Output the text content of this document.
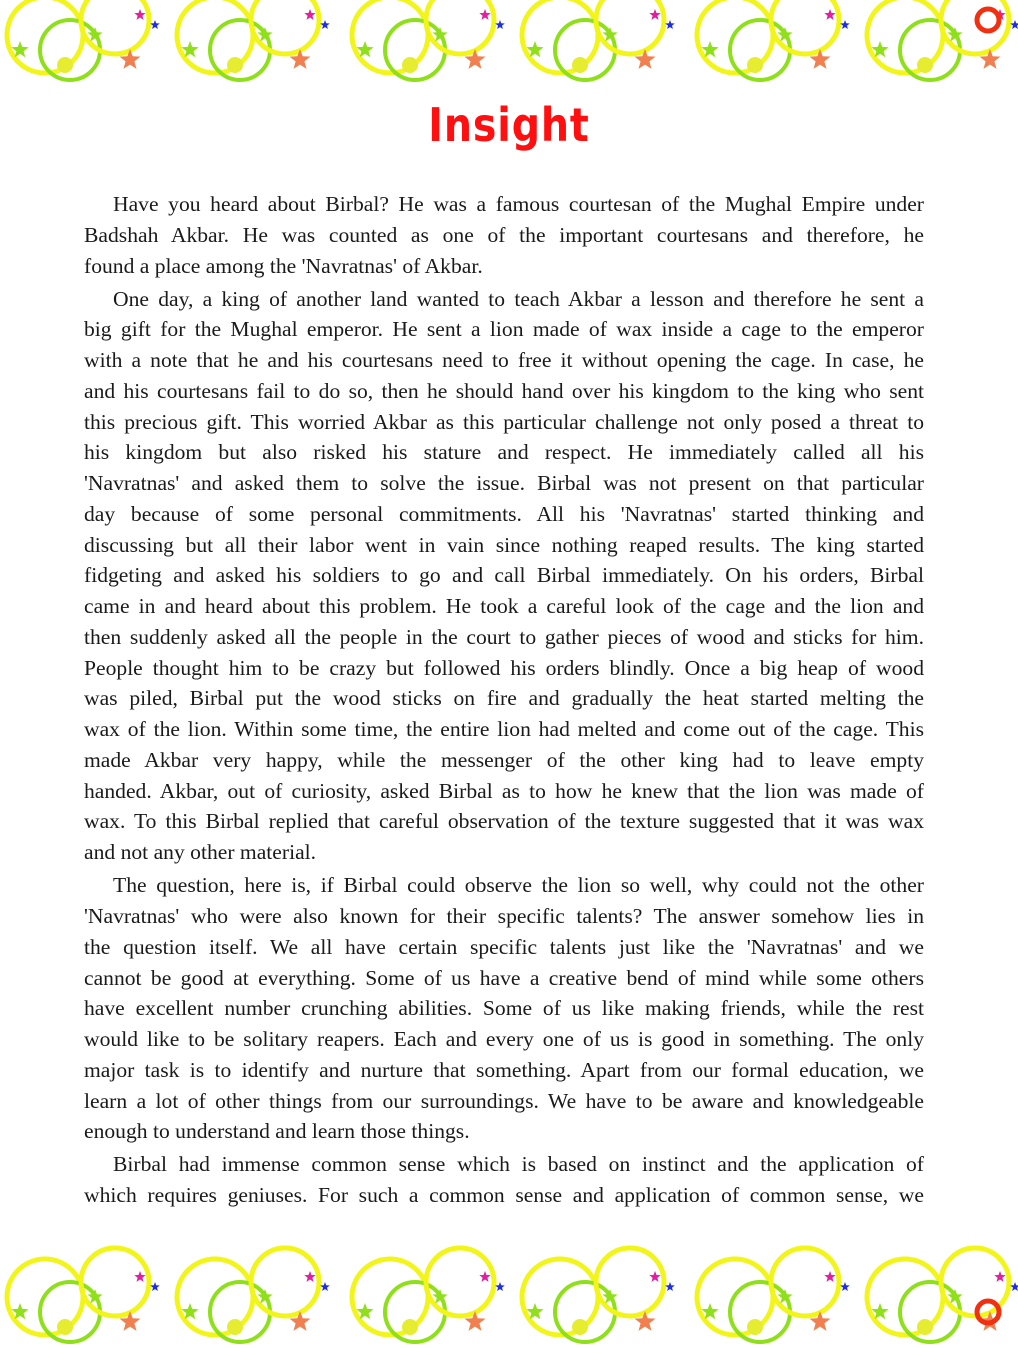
Insight
Have you heard about Birbal? He was a famous courtesan of the Mughal Empire under
Badshah Akbar. He was counted as one of the important courtesans and therefore, he
found a place among the 'Navratnas' of Akbar.
One day, a king of another land wanted to teach Akbar a lesson and therefore he sent a
big gift for the Mughal emperor. He sent a lion made of wax inside a cage to the emperor
with a note that he and his courtesans need to free it without opening the cage. In case, he
and his courtesans fail to do so, then he should hand over his kingdom to the king who sent
this precious gift. This worried Akbar as this particular challenge not only posed a threat to
his kingdom but also risked his stature and respect. He immediately called all his
'Navratnas' and asked them to solve the issue. Birbal was not present on that particular
day because of some personal commitments. All his 'Navratnas' started thinking and
discussing but all their labor went in vain since nothing reaped results. The king started
fidgeting and asked his soldiers to go and call Birbal immediately. On his orders, Birbal
came in and heard about this problem. He took a careful look of the cage and the lion and
then suddenly asked all the people in the court to gather pieces of wood and sticks for him.
People thought him to be crazy but followed his orders blindly. Once a big heap of wood
was piled, Birbal put the wood sticks on fire and gradually the heat started melting the
wax of the lion. Within some time, the entire lion had melted and come out of the cage. This
made Akbar very happy, while the messenger of the other king had to leave empty
handed. Akbar, out of curiosity, asked Birbal as to how he knew that the lion was made of
wax. To this Birbal replied that careful observation of the texture suggested that it was wax
and not any other material.
The question, here is, if Birbal could observe the lion so well, why could not the other
'Navratnas' who were also known for their specific talents? The answer somehow lies in
the question itself. We all have certain specific talents just like the 'Navratnas' and we
cannot be good at everything. Some of us have a creative bend of mind while some others
have excellent number crunching abilities. Some of us like making friends, while the rest
would like to be solitary reapers. Each and every one of us is good in something. The only
major task is to identify and nurture that something. Apart from our formal education, we
learn a lot of other things from our surroundings. We have to be aware and knowledgeable
enough to understand and learn those things.
Birbal had immense common sense which is based on instinct and the application of
which requires geniuses. For such a common sense and application of common sense, we
